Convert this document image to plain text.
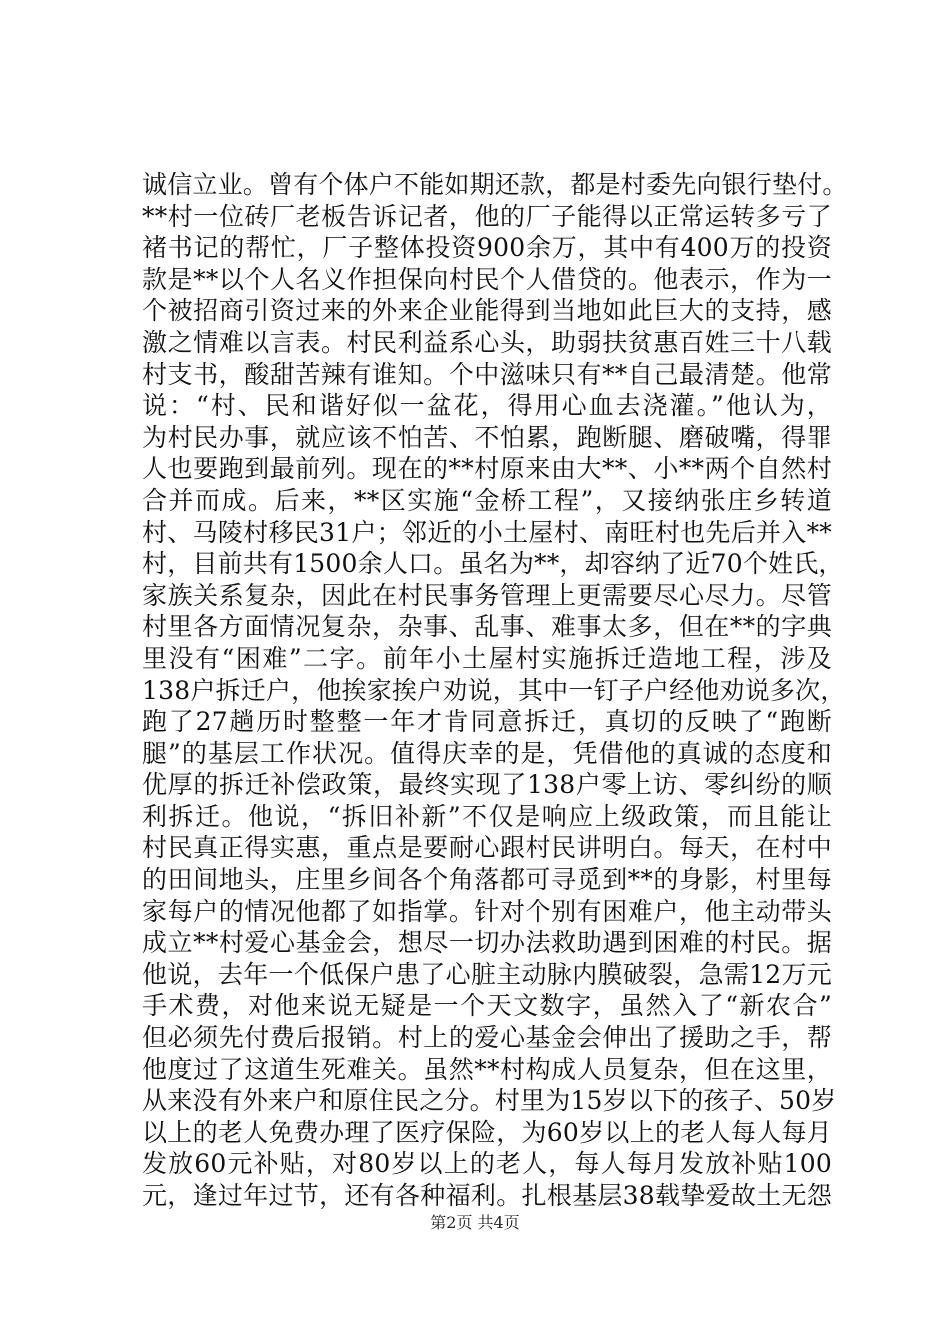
诚信立业。曾有个体户不能如期还款，都是村委先向银行垫付。
**村一位砖厂老板告诉记者，他的厂子能得以正常运转多亏了
褚书记的帮忙，厂子整体投资900余万，其中有400万的投资
款是**以个人名义作担保向村民个人借贷的。他表示，作为一
个被招商引资过来的外来企业能得到当地如此巨大的支持，感
激之情难以言表。村民利益系心头，助弱扶贫惠百姓三十八载
村支书，酸甜苦辣有谁知。个中滋味只有**自己最清楚。他常
说：“村、民和谐好似一盆花，得用心血去浇灌。”他认为，
为村民办事，就应该不怕苦、不怕累，跑断腿、磨破嘴，得罪
人也要跑到最前列。现在的**村原来由大**、小**两个自然村
合并而成。后来，**区实施“金桥工程”，又接纳张庄乡转道
村、马陵村移民31户；邻近的小土屋村、南旺村也先后并入**
村，目前共有1500余人口。虽名为**，却容纳了近70个姓氏，
家族关系复杂，因此在村民事务管理上更需要尽心尽力。尽管
村里各方面情况复杂，杂事、乱事、难事太多，但在**的字典
里没有“困难”二字。前年小土屋村实施拆迁造地工程，涉及
138户拆迁户，他挨家挨户劝说，其中一钉子户经他劝说多次，
跑了27趟历时整整一年才肯同意拆迁，真切的反映了“跑断
腿”的基层工作状况。值得庆幸的是，凭借他的真诚的态度和
优厚的拆迁补偿政策，最终实现了138户零上访、零纠纷的顺
利拆迁。他说，“拆旧补新”不仅是响应上级政策，而且能让
村民真正得实惠，重点是要耐心跟村民讲明白。每天，在村中
的田间地头，庄里乡间各个角落都可寻觅到**的身影，村里每
家每户的情况他都了如指掌。针对个别有困难户，他主动带头
成立**村爱心基金会，想尽一切办法救助遇到困难的村民。据
他说，去年一个低保户患了心脏主动脉内膜破裂，急需12万元
手术费，对他来说无疑是一个天文数字，虽然入了“新农合”
但必须先付费后报销。村上的爱心基金会伸出了援助之手，帮
他度过了这道生死难关。虽然**村构成人员复杂，但在这里，
从来没有外来户和原住民之分。村里为15岁以下的孩子、50岁
以上的老人免费办理了医疗保险，为60岁以上的老人每人每月
发放60元补贴，对80岁以上的老人，每人每月发放补贴100
元，逢过年过节，还有各种福利。扎根基层38载挚爱故土无怨
第2页 共4页
